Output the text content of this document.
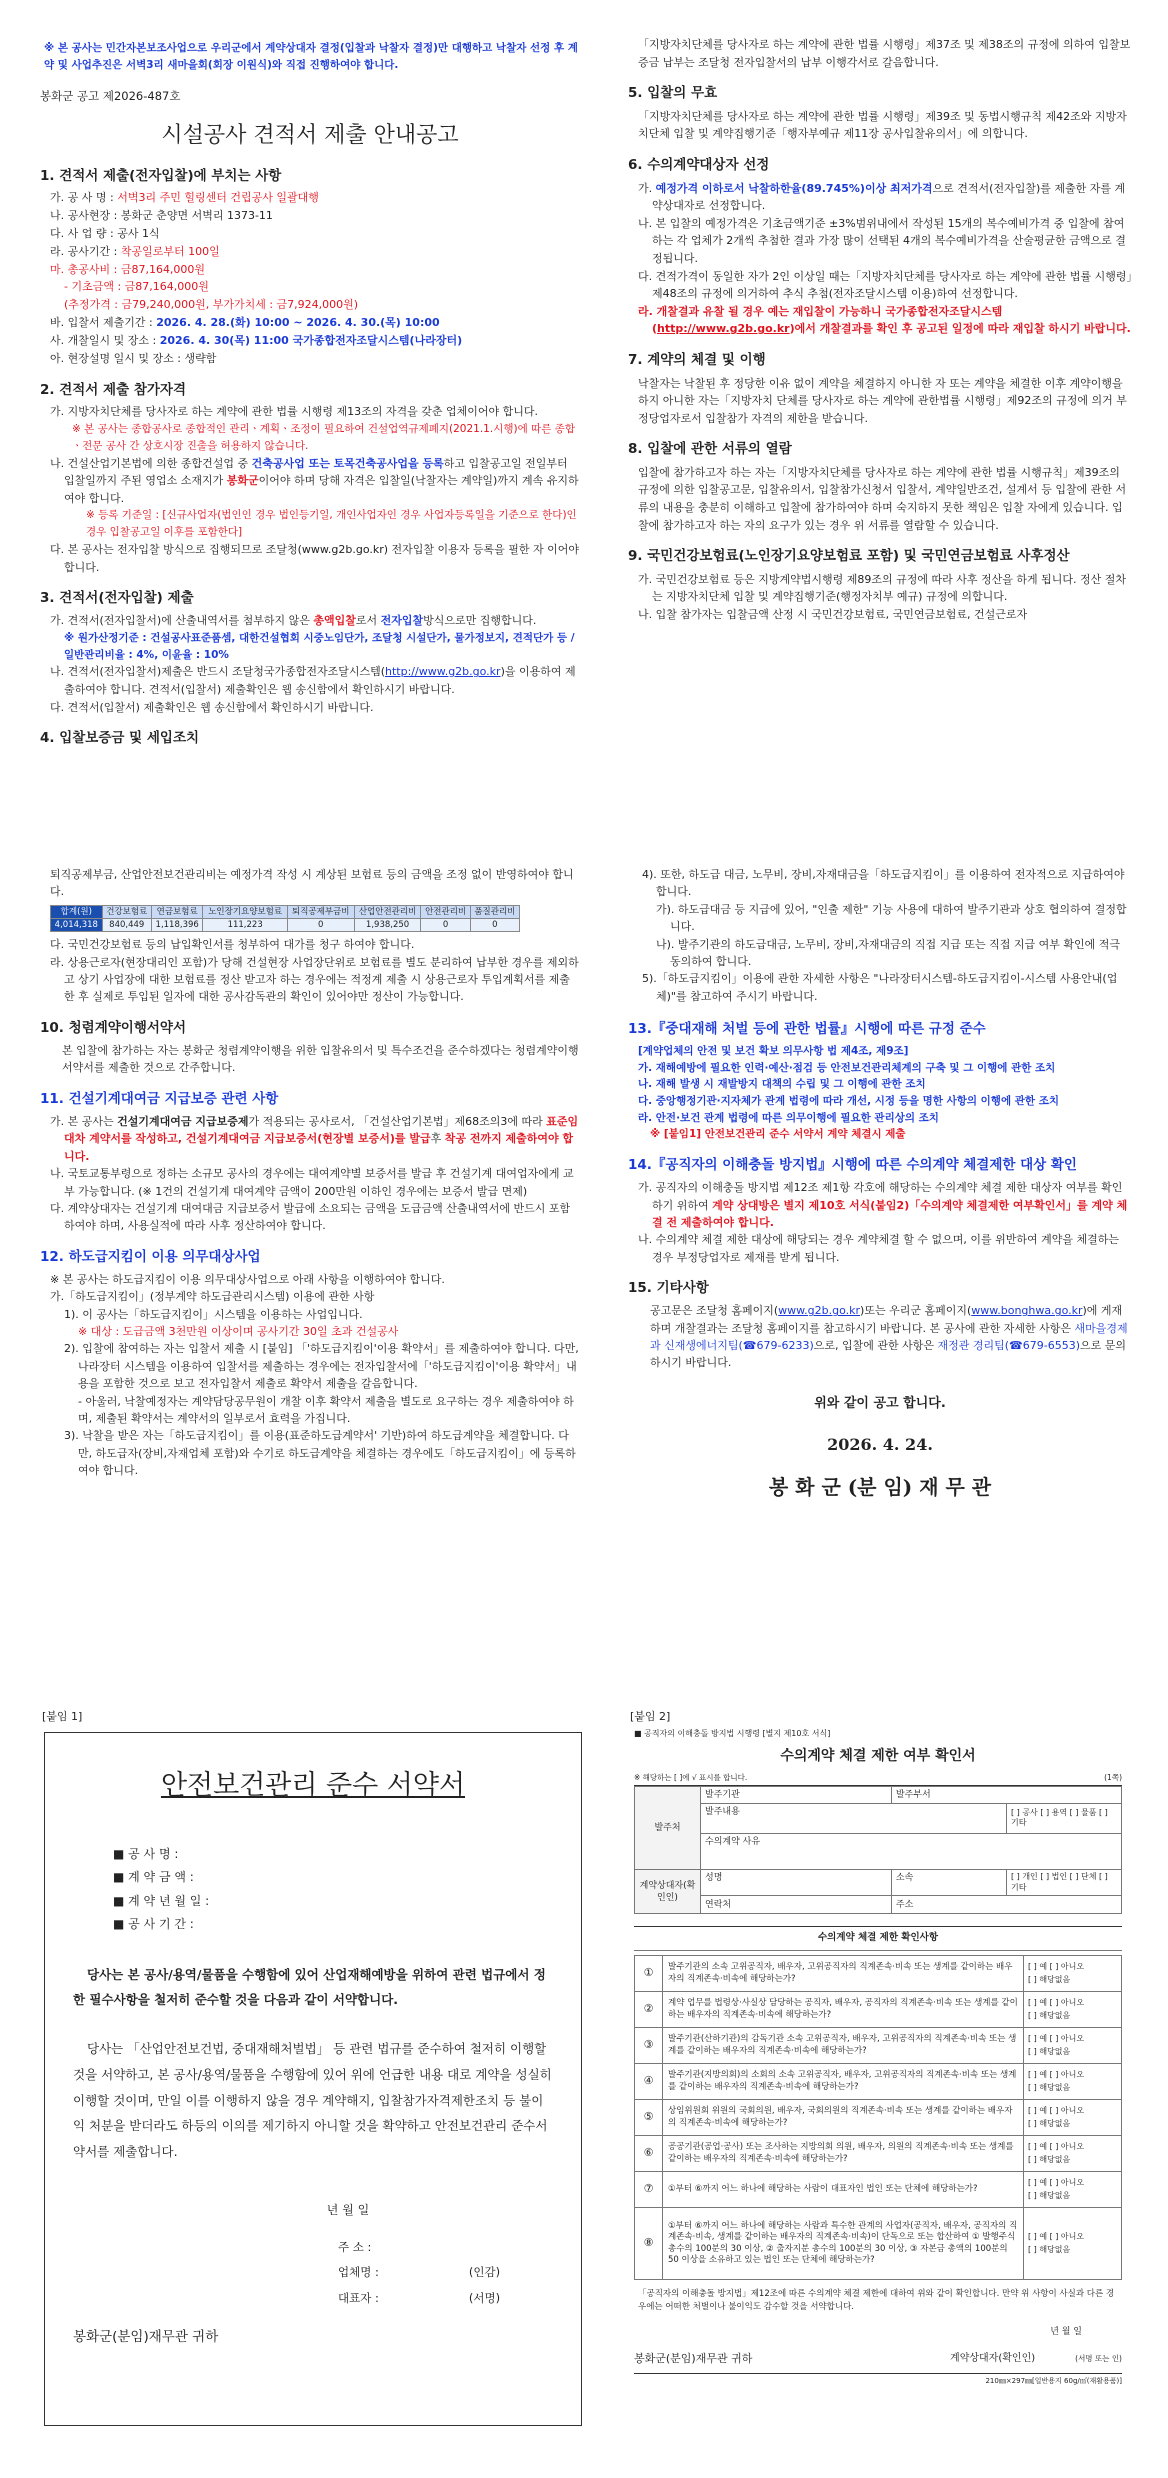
※ 본 공사는 민간자본보조사업으로 우리군에서 계약상대자 결정(입찰과 낙찰자 결정)만 대행하고 낙찰자 선정 후 계약 및 사업추진은 서벽3리 새마을회(회장 이원식)와 직접 진행하여야 합니다.
봉화군 공고 제2026-487호
시설공사 견적서 제출 안내공고
1. 견적서 제출(전자입찰)에 부치는 사항
가. 공 사 명 : 서벽3리 주민 힐링센터 건립공사 일괄대행
나. 공사현장 : 봉화군 춘양면 서벽리 1373-11
다. 사 업 량 : 공사 1식
라. 공사기간 : 착공일로부터 100일
마. 총공사비 : 금87,164,000원
- 기초금액 : 금87,164,000원
(추정가격 : 금79,240,000원, 부가가치세 : 금7,924,000원)
바. 입찰서 제출기간 : 2026. 4. 28.(화) 10:00 ~ 2026. 4. 30.(목) 10:00
사. 개찰일시 및 장소 : 2026. 4. 30(목) 11:00 국가종합전자조달시스템(나라장터)
아. 현장설명 일시 및 장소 : 생략함
2. 견적서 제출 참가자격
가. 지방자치단체를 당사자로 하는 계약에 관한 법률 시행령 제13조의 자격을 갖춘 업체이어야 합니다.
※ 본 공사는 종합공사로 종합적인 관리ㆍ계획ㆍ조정이 필요하여 건설업역규제폐지(2021.1.시행)에 따른 종합ㆍ전문 공사 간 상호시장 진출을 허용하지 않습니다.
나. 건설산업기본법에 의한 종합건설업 중 건축공사업 또는 토목건축공사업을 등록하고 입찰공고일 전일부터 입찰일까지 주된 영업소 소재지가 봉화군이어야 하며 당해 자격은 입찰일(낙찰자는 계약일)까지 계속 유지하여야 합니다.
※ 등록 기준일 : [신규사업자(법인인 경우 법인등기일, 개인사업자인 경우 사업자등록일을 기준으로 한다)인 경우 입찰공고일 이후를 포함한다]
다. 본 공사는 전자입찰 방식으로 집행되므로 조달청(www.g2b.go.kr) 전자입찰 이용자 등록을 필한 자 이어야 합니다.
3. 견적서(전자입찰) 제출
가. 견적서(전자입찰서)에 산출내역서를 첨부하지 않은 총액입찰로서 전자입찰방식으로만 집행합니다.
※ 원가산정기준 : 건설공사표준품셈, 대한건설협회 시중노임단가, 조달청 시설단가, 물가정보지, 견적단가 등 / 일반관리비율 : 4%, 이윤율 : 10%
나. 견적서(전자입찰서)제출은 반드시 조달청국가종합전자조달시스템(http://www.g2b.go.kr)을 이용하여 제출하여야 합니다. 견적서(입찰서) 제출확인은 웹 송신함에서 확인하시기 바랍니다.
다. 견적서(입찰서) 제출확인은 웹 송신함에서 확인하시기 바랍니다.
4. 입찰보증금 및 세입조치
「지방자치단체를 당사자로 하는 계약에 관한 법률 시행령」제37조 및 제38조의 규정에 의하여 입찰보증금 납부는 조달청 전자입찰서의 납부 이행각서로 갈음합니다.
5. 입찰의 무효
「지방자치단체를 당사자로 하는 계약에 관한 법률 시행령」제39조 및 동법시행규칙 제42조와 지방자치단체 입찰 및 계약집행기준「행자부예규 제11장 공사입찰유의서」에 의합니다.
6. 수의계약대상자 선정
가. 예정가격 이하로서 낙찰하한율(89.745%)이상 최저가격으로 견적서(전자입찰)를 제출한 자를 계약상대자로 선정합니다.
나. 본 입찰의 예정가격은 기초금액기준 ±3%범위내에서 작성된 15개의 복수예비가격 중 입찰에 참여하는 각 업체가 2개씩 추첨한 결과 가장 많이 선택된 4개의 복수예비가격을 산술평균한 금액으로 결정됩니다.
다. 견적가격이 동일한 자가 2인 이상일 때는「지방자치단체를 당사자로 하는 계약에 관한 법률 시행령」제48조의 규정에 의거하여 추식 추첨(전자조달시스템 이용)하여 선정합니다.
라. 개찰결과 유찰 될 경우 예는 재입찰이 가능하니 국가종합전자조달시스템(http://www.g2b.go.kr)에서 개찰결과를 확인 후 공고된 일정에 따라 재입찰 하시기 바랍니다.
7. 계약의 체결 및 이행
낙찰자는 낙찰된 후 정당한 이유 없이 계약을 체결하지 아니한 자 또는 계약을 체결한 이후 계약이행을 하지 아니한 자는「지방자치 단체를 당사자로 하는 계약에 관한법률 시행령」제92조의 규정에 의거 부정당업자로서 입찰참가 자격의 제한을 받습니다.
8. 입찰에 관한 서류의 열람
입찰에 참가하고자 하는 자는「지방자치단체를 당사자로 하는 계약에 관한 법률 시행규칙」제39조의 규정에 의한 입찰공고문, 입찰유의서, 입찰참가신청서 입찰서, 계약일반조건, 설계서 등 입찰에 관한 서류의 내용을 충분히 이해하고 입찰에 참가하여야 하며 숙지하지 못한 책임은 입찰 자에게 있습니다. 입찰에 참가하고자 하는 자의 요구가 있는 경우 위 서류를 열람할 수 있습니다.
9. 국민건강보험료(노인장기요양보험료 포함) 및 국민연금보험료 사후정산
가. 국민건강보험료 등은 지방계약법시행령 제89조의 규정에 따라 사후 정산을 하게 됩니다. 정산 절차는 지방자치단체 입찰 및 계약집행기준(행정자치부 예규) 규정에 의합니다.
나. 입찰 참가자는 입찰금액 산정 시 국민건강보험료, 국민연금보험료, 건설근로자
퇴직공제부금, 산업안전보건관리비는 예정가격 작성 시 계상된 보험료 등의 금액을 조정 없이 반영하여야 합니다.
합계(원)	건강보험료	연금보험료	노인장기요양보험료	퇴직공제부금비	산업안전관리비	안전관리비	품질관리비
4,014,318	840,449	1,118,396	111,223	0	1,938,250	0	0
다. 국민건강보험료 등의 납입확인서를 청부하여 대가를 청구 하여야 합니다.
라. 상용근로자(현장대리인 포함)가 당해 건설현장 사업장단위로 보험료를 별도 분리하여 납부한 경우를 제외하고 상기 사업장에 대한 보험료를 정산 받고자 하는 경우에는 적정계 제출 시 상용근로자 투입계획서를 제출한 후 실제로 투입된 일자에 대한 공사감독관의 확인이 있어야만 정산이 가능합니다.
10. 청렴계약이행서약서
본 입찰에 참가하는 자는 봉화군 청렴계약이행을 위한 입찰유의서 및 특수조건을 준수하겠다는 청렴계약이행서약서를 제출한 것으로 간주합니다.
11. 건설기계대여금 지급보증 관련 사항
가. 본 공사는 건설기계대여금 지급보증제가 적용되는 공사로서, 「건설산업기본법」제68조의3에 따라 표준임대차 계약서를 작성하고, 건설기계대여금 지급보증서(현장별 보증서)를 발급후 착공 전까지 제출하여야 합니다.
나. 국토교통부령으로 정하는 소규모 공사의 경우에는 대여계약별 보증서를 발급 후 건설기계 대여업자에게 교부 가능합니다. (※ 1건의 건설기계 대여계약 금액이 200만원 이하인 경우에는 보증서 발급 면제)
다. 계약상대자는 건설기계 대여대금 지급보증서 발급에 소요되는 금액을 도급금액 산출내역서에 반드시 포함하여야 하며, 사용실적에 따라 사후 정산하여야 합니다.
12. 하도급지킴이 이용 의무대상사업
※ 본 공사는 하도급지킴이 이용 의무대상사업으로 아래 사항을 이행하여야 합니다.
가.「하도급지킴이」(정부계약 하도급관리시스템) 이용에 관한 사항
1). 이 공사는「하도급지킴이」시스템을 이용하는 사업입니다.
※ 대상 : 도급금액 3천만원 이상이며 공사기간 30일 초과 건설공사
2). 입찰에 참여하는 자는 입찰서 제출 시 [붙임] 「'하도급지킴이'이용 확약서」를 제출하여야 합니다. 다만, 나라장터 시스템을 이용하여 입찰서를 제출하는 경우에는 전자입찰서에「'하도급지킴이'이용 확약서」내용을 포함한 것으로 보고 전자입찰서 제출로 확약서 제출을 갈음합니다.
- 아울러, 낙찰예정자는 계약담당공무원이 개찰 이후 확약서 제출을 별도로 요구하는 경우 제출하여야 하며, 제출된 확약서는 계약서의 일부로서 효력을 가집니다.
3). 낙찰을 받은 자는「하도급지킴이」를 이용(표준하도급계약서' 기반)하여 하도급계약을 체결합니다. 다만, 하도급자(장비,자재업체 포함)와 수기로 하도급계약을 체결하는 경우에도「하도급지킴이」에 등록하여야 합니다.
4). 또한, 하도급 대금, 노무비, 장비,자재대금을「하도급지킴이」를 이용하여 전자적으로 지급하여야 합니다.
가). 하도급대금 등 지급에 있어, "인출 제한" 기능 사용에 대하여 발주기관과 상호 협의하여 결정합니다.
나). 발주기관의 하도급대금, 노무비, 장비,자재대금의 직접 지급 또는 직접 지급 여부 확인에 적극 동의하여 합니다.
5).「하도급지킴이」이용에 관한 자세한 사항은 "나라장터시스템-하도급지킴이-시스템 사용안내(업체)"를 참고하여 주시기 바랍니다.
13.『중대재해 처벌 등에 관한 법률』시행에 따른 규정 준수
[계약업체의 안전 및 보건 확보 의무사항 법 제4조, 제9조]
가. 재해예방에 필요한 인력·예산·점검 등 안전보건관리체계의 구축 및 그 이행에 관한 조치
나. 재해 발생 시 재발방지 대책의 수립 및 그 이행에 관한 조치
다. 중앙행정기관·지자체가 관계 법령에 따라 개선, 시정 등을 명한 사항의 이행에 관한 조치
라. 안전·보건 관계 법령에 따른 의무이행에 필요한 관리상의 조치
※ [붙임1] 안전보건관리 준수 서약서 계약 체결시 제출
14.『공직자의 이해충돌 방지법』시행에 따른 수의계약 체결제한 대상 확인
가. 공직자의 이해충돌 방지법 제12조 제1항 각호에 해당하는 수의계약 체결 제한 대상자 여부를 확인하기 위하여 계약 상대방은 별지 제10호 서식(붙임2)「수의계약 체결제한 여부확인서」를 계약 체결 전 제출하여야 합니다.
나. 수의계약 체결 제한 대상에 해당되는 경우 계약체결 할 수 없으며, 이를 위반하여 계약을 체결하는 경우 부정당업자로 제재를 받게 됩니다.
15. 기타사항
공고문은 조달청 홈페이지(www.g2b.go.kr)또는 우리군 홈페이지(www.bonghwa.go.kr)에 게재하며 개찰결과는 조달청 홈페이지를 참고하시기 바랍니다. 본 공사에 관한 자세한 사항은 새마을경제과 신재생에너지팀(☎679-6233)으로, 입찰에 관한 사항은 재정관 경리팀(☎679-6553)으로 문의하시기 바랍니다.
위와 같이 공고 합니다.
2026. 4. 24.
봉 화 군 (분 임) 재 무 관
[붙임 1]
안전보건관리 준수 서약서
■ 공 사 명 :
■ 계 약 금 액 :
■ 계 약 년 월 일 :
■ 공 사 기 간 :
당사는 본 공사/용역/물품을 수행함에 있어 산업재해예방을 위하여 관련 법규에서 정한 필수사항을 철저히 준수할 것을 다음과 같이 서약합니다.
당사는 「산업안전보건법, 중대재해처벌법」 등 관련 법규를 준수하여 철저히 이행할 것을 서약하고, 본 공사/용역/물품을 수행함에 있어 위에 언급한 내용 대로 계약을 성실히 이행할 것이며, 만일 이를 이행하지 않을 경우 계약해지, 입찰참가자격제한조치 등 불이익 처분을 받더라도 하등의 이의를 제기하지 아니할 것을 확약하고 안전보건관리 준수서약서를 제출합니다.
년 월 일
주 소 :
업체명 :	(인감)
대표자 :	(서명)
봉화군(분임)재무관 귀하
[붙임 2]
■ 공직자의 이해충돌 방지법 시행령 [별지 제10호 서식]
수의계약 체결 제한 여부 확인서
※ 해당하는 [ ]에 √ 표시를 합니다.	(1쪽)
발주처	발주기관	발주부서	
	발주내용		[ ] 공사 [ ] 용역 [ ] 물품 [ ] 기타
	수의계약 사유		
계약상대자(확인인)	성명	소속	[ ] 개인 [ ] 법인 [ ] 단체 [ ] 기타
	연락처	주소	
수의계약 체결 제한 확인사항
①	발주기관의 소속 고위공직자, 배우자, 고위공직자의 직계존속·비속 또는 생계를 같이하는 배우자의 직계존속·비속에 해당하는가?	[ ] 예 [ ] 아니오
[ ] 해당없음

②	계약 업무를 법령상·사실상 담당하는 공직자, 배우자, 공직자의 직계존속·비속 또는 생계를 같이하는 배우자의 직계존속·비속에 해당하는가?	[ ] 예 [ ] 아니오
[ ] 해당없음

③	발주기관(산하기관)의 감독기관 소속 고위공직자, 배우자, 고위공직자의 직계존속·비속 또는 생계를 같이하는 배우자의 직계존속·비속에 해당하는가?	[ ] 예 [ ] 아니오
[ ] 해당없음

④	발주기관(지방의회)의 소회의 소속 고위공직자, 배우자, 고위공직자의 직계존속·비속 또는 생계를 같이하는 배우자의 직계존속·비속에 해당하는가?	[ ] 예 [ ] 아니오
[ ] 해당없음

⑤	상임위원회 위원의 국회의원, 배우자, 국회의원의 직계존속·비속 또는 생계를 같이하는 배우자의 직계존속·비속에 해당하는가?	[ ] 예 [ ] 아니오
[ ] 해당없음

⑥	공공기관(공업·공사) 또는 조사하는 지방의회 의원, 배우자, 의원의 직계존속·비속 또는 생계를 같이하는 배우자의 직계존속·비속에 해당하는가?	[ ] 예 [ ] 아니오
[ ] 해당없음

⑦	①부터 ⑥까지 어느 하나에 해당하는 사람이 대표자인 법인 또는 단체에 해당하는가?	[ ] 예 [ ] 아니오
[ ] 해당없음

⑧	①부터 ⑥까지 어느 하나에 해당하는 사람과 특수한 관계의 사업자(공직자, 배우자, 공직자의 직계존속·비속, 생계를 같이하는 배우자의 직계존속·비속)이 단독으로 또는 합산하여 ① 발행주식 총수의 100분의 30 이상, ② 출자지분 총수의 100분의 30 이상, ③ 자본금 총액의 100분의 50 이상을 소유하고 있는 법인 또는 단체에 해당하는가?	[ ] 예 [ ] 아니오
[ ] 해당없음
「공직자의 이해충돌 방지법」제12조에 따른 수의계약 체결 제한에 대하여 위와 같이 확인합니다. 만약 위 사항이 사실과 다른 경우에는 어떠한 처벌이나 불이익도 감수할 것을 서약합니다.
년 월 일
봉화군(분임)재무관 귀하	계약상대자(확인인)	(서명 또는 인)
210㎜×297㎜[일반용지 60g/㎡(재활용품)]
